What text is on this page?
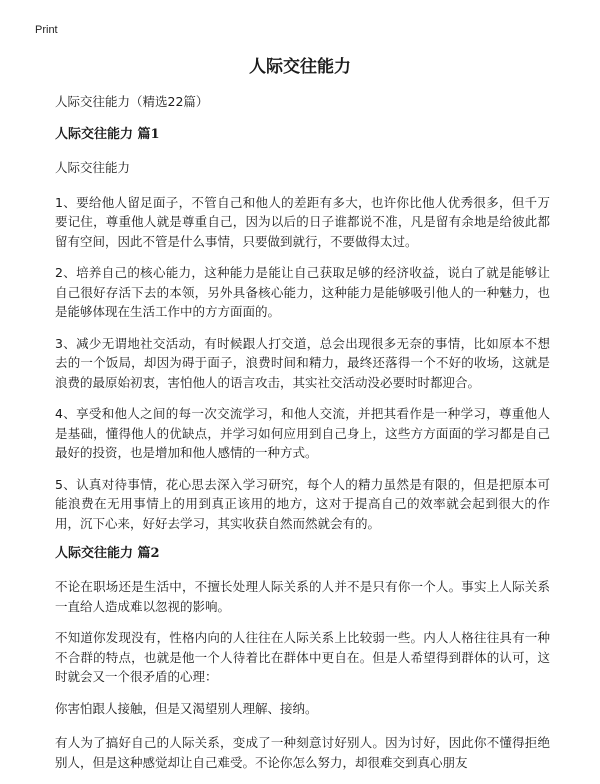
Print
人际交往能力

人际交往能力（精选22篇）

人际交往能力 篇1

人际交往能力

1、要给他人留足面子，不管自己和他人的差距有多大，也许你比他人优秀很多，但千万要记住，尊重他人就是尊重自己，因为以后的日子谁都说不准，凡是留有余地是给彼此都留有空间，因此不管是什么事情，只要做到就行，不要做得太过。

2、培养自己的核心能力，这种能力是能让自己获取足够的经济收益，说白了就是能够让自己很好存活下去的本领，另外具备核心能力，这种能力是能够吸引他人的一种魅力，也是能够体现在生活工作中的方方面面的。

3、减少无谓地社交活动，有时候跟人打交道，总会出现很多无奈的事情，比如原本不想去的一个饭局，却因为碍于面子，浪费时间和精力，最终还落得一个不好的收场，这就是浪费的最原始初衷，害怕他人的语言攻击，其实社交活动没必要时时都迎合。

4、享受和他人之间的每一次交流学习，和他人交流，并把其看作是一种学习，尊重他人是基础，懂得他人的优缺点，并学习如何应用到自己身上，这些方方面面的学习都是自己最好的投资，也是增加和他人感情的一种方式。

5、认真对待事情，花心思去深入学习研究，每个人的精力虽然是有限的，但是把原本可能浪费在无用事情上的用到真正该用的地方，这对于提高自己的效率就会起到很大的作用，沉下心来，好好去学习，其实收获自然而然就会有的。

人际交往能力 篇2

不论在职场还是生活中，不擅长处理人际关系的人并不是只有你一个人。事实上人际关系一直给人造成难以忽视的影响。

不知道你发现没有，性格内向的人往往在人际关系上比较弱一些。内人人格往往具有一种不合群的特点，也就是他一个人待着比在群体中更自在。但是人希望得到群体的认可，这时就会又一个很矛盾的心理：

你害怕跟人接触，但是又渴望别人理解、接纳。

有人为了搞好自己的人际关系，变成了一种刻意讨好别人。因为讨好，因此你不懂得拒绝别人，但是这种感觉却让自己难受。不论你怎么努力，却很难交到真心朋友
